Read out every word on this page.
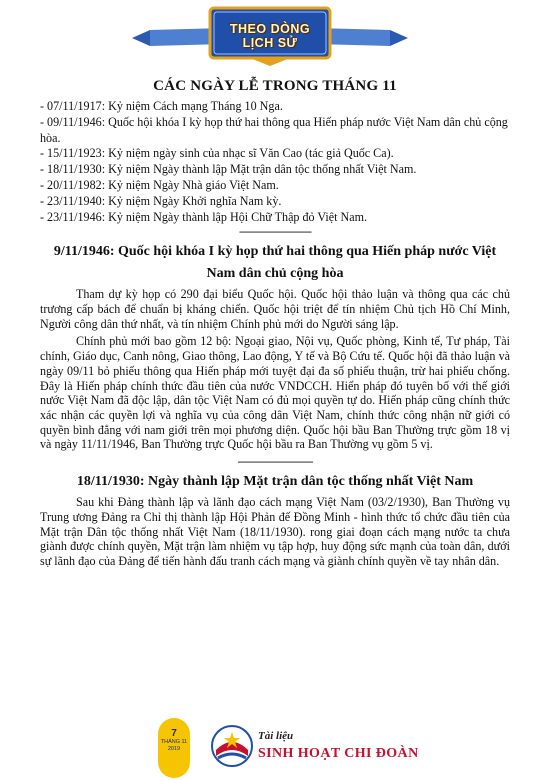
THEO DÒNG
LỊCH SỬ
CÁC NGÀY LỄ TRONG THÁNG 11

- 07/11/1917: Kỷ niệm Cách mạng Tháng 10 Nga.

- 09/11/1946: Quốc hội khóa I kỳ họp thứ hai thông qua Hiến pháp nước Việt Nam dân chủ cộng hòa.

- 15/11/1923: Kỷ niệm ngày sinh của nhạc sĩ Văn Cao (tác giả Quốc Ca).

- 18/11/1930: Kỷ niệm Ngày thành lập Mặt trận dân tộc thống nhất Việt Nam.

- 20/11/1982: Kỷ niệm Ngày Nhà giáo Việt Nam.

- 23/11/1940: Kỷ niệm Ngày Khởi nghĩa Nam kỳ.

- 23/11/1946: Kỷ niệm Ngày thành lập Hội Chữ Thập đỏ Việt Nam.

------------------------

9/11/1946: Quốc hội khóa I kỳ họp thứ hai thông qua Hiến pháp nước Việt Nam dân chủ cộng hòa

Tham dự kỳ họp có 290 đại biểu Quốc hội. Quốc hội thảo luận và thông qua các chủ trương cấp bách để chuẩn bị kháng chiến. Quốc hội triệt để tín nhiệm Chủ tịch Hồ Chí Minh, Người công dân thứ nhất, và tín nhiệm Chính phủ mới do Người sáng lập.

Chính phủ mới bao gồm 12 bộ: Ngoại giao, Nội vụ, Quốc phòng, Kinh tế, Tư pháp, Tài chính, Giáo dục, Canh nông, Giao thông, Lao động, Y tế và Bộ Cứu tế. Quốc hội đã thảo luận và ngày 09/11 bỏ phiếu thông qua Hiến pháp mới tuyệt đại đa số phiếu thuận, trừ hai phiếu chống. Đây là Hiến pháp chính thức đầu tiên của nước VNDCCH. Hiến pháp đó tuyên bố với thế giới nước Việt Nam đã độc lập, dân tộc Việt Nam có đủ mọi quyền tự do. Hiến pháp cũng chính thức xác nhận các quyền lợi và nghĩa vụ của công dân Việt Nam, chính thức công nhận nữ giới có quyền bình đẳng với nam giới trên mọi phương diện. Quốc hội bầu Ban Thường trực gồm 18 vị và ngày 11/11/1946, Ban Thường trực Quốc hội bầu ra Ban Thường vụ gồm 5 vị.

-------------------------

18/11/1930: Ngày thành lập Mặt trận dân tộc thống nhất Việt Nam

Sau khi Đảng thành lập và lãnh đạo cách mạng Việt Nam (03/2/1930), Ban Thường vụ Trung ương Đảng ra Chỉ thị thành lập Hội Phản đế Đồng Minh - hình thức tổ chức đầu tiên của Mặt trận Dân tộc thống nhất Việt Nam (18/11/1930). rong giai đoạn cách mạng nước ta chưa giành được chính quyền, Mặt trận làm nhiệm vụ tập hợp, huy động sức mạnh của toàn dân, dưới sự lãnh đạo của Đảng để tiến hành đấu tranh cách mạng và giành chính quyền về tay nhân dân.

7
THÁNG 11
2019
Tài liệu
SINH HOẠT CHI ĐOÀN
